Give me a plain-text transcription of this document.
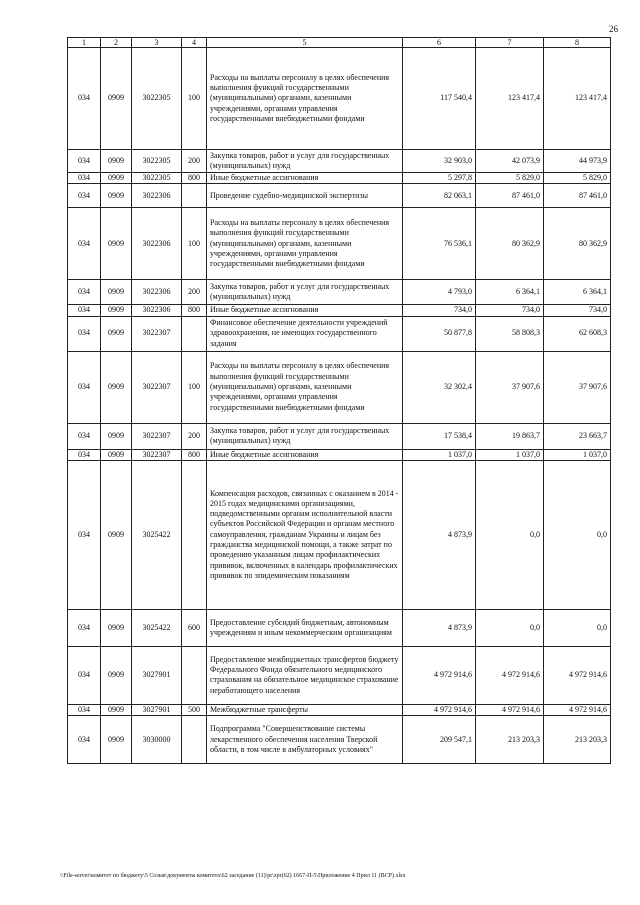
26
1	2	3	4	5	6	7	8
034	0909	3022305	100	Расходы на выплаты персоналу в целях обеспечения выполнения функций государственными (муниципальными) органами, казенными учреждениями, органами управления государственными внебюджетными фондами	117 540,4	123 417,4	123 417,4
034	0909	3022305	200	Закупка товаров, работ и услуг для государственных (муниципальных) нужд	32 903,0	42 073,9	44 973,9
034	0909	3022305	800	Иные бюджетные ассигнования	5 297,8	5 829,0	5 829,0
034	0909	3022306		Проведение судебно-медицинской экспертизы	82 063,1	87 461,0	87 461,0
034	0909	3022306	100	Расходы на выплаты персоналу в целях обеспечения выполнения функций государственными (муниципальными) органами, казенными учреждениями, органами управления государственными внебюджетными фондами	76 536,1	80 362,9	80 362,9
034	0909	3022306	200	Закупка товаров, работ и услуг для государственных (муниципальных) нужд	4 793,0	6 364,1	6 364,1
034	0909	3022306	800	Иные бюджетные ассигнования	734,0	734,0	734,0
034	0909	3022307		Финансовое обеспечение деятельности учреждений здравоохранения, не имеющих государственного задания	50 877,8	58 808,3	62 608,3
034	0909	3022307	100	Расходы на выплаты персоналу в целях обеспечения выполнения функций государственными (муниципальными) органами, казенными учреждениями, органами управления государственными внебюджетными фондами	32 302,4	37 907,6	37 907,6
034	0909	3022307	200	Закупка товаров, работ и услуг для государственных (муниципальных) нужд	17 538,4	19 863,7	23 663,7
034	0909	3022307	800	Иные бюджетные ассигнования	1 037,0	1 037,0	1 037,0
034	0909	3025422		Компенсация расходов, связанных с оказанием в 2014 - 2015 годах медицинскими организациями, подведомственными органам исполнительной власти субъектов Российской Федерации и органам местного самоуправления, гражданам Украины и лицам без гражданства медицинской помощи, а также затрат по проведению указанным лицам профилактических прививок, включенных в календарь профилактических прививок по эпидемическим показаниям	4 873,9	0,0	0,0
034	0909	3025422	600	Предоставление субсидий бюджетным, автономным учреждениям и иным некоммерческим организациям	4 873,9	0,0	0,0
034	0909	3027901		Предоставление межбюджетных трансфертов бюджету Федерального Фонда обязательного медицинского страхования на обязательное медицинское страхование неработающего населения	4 972 914,6	4 972 914,6	4 972 914,6
034	0909	3027901	500	Межбюджетные трансферты	4 972 914,6	4 972 914,6	4 972 914,6
034	0909	3030000		Подпрограмма "Совершенствование системы лекарственного обеспечения населения Тверской области, в том числе в амбулаторных условиях"	209 547,1	213 203,3	213 203,3
\\File-server\комитет по бюджету\5 Созыв\документы комитета\62 заседание (11)\pr\zpr(62) 1667-П-5\Приложение 4 Прил 11 (ВСР).xlsx
